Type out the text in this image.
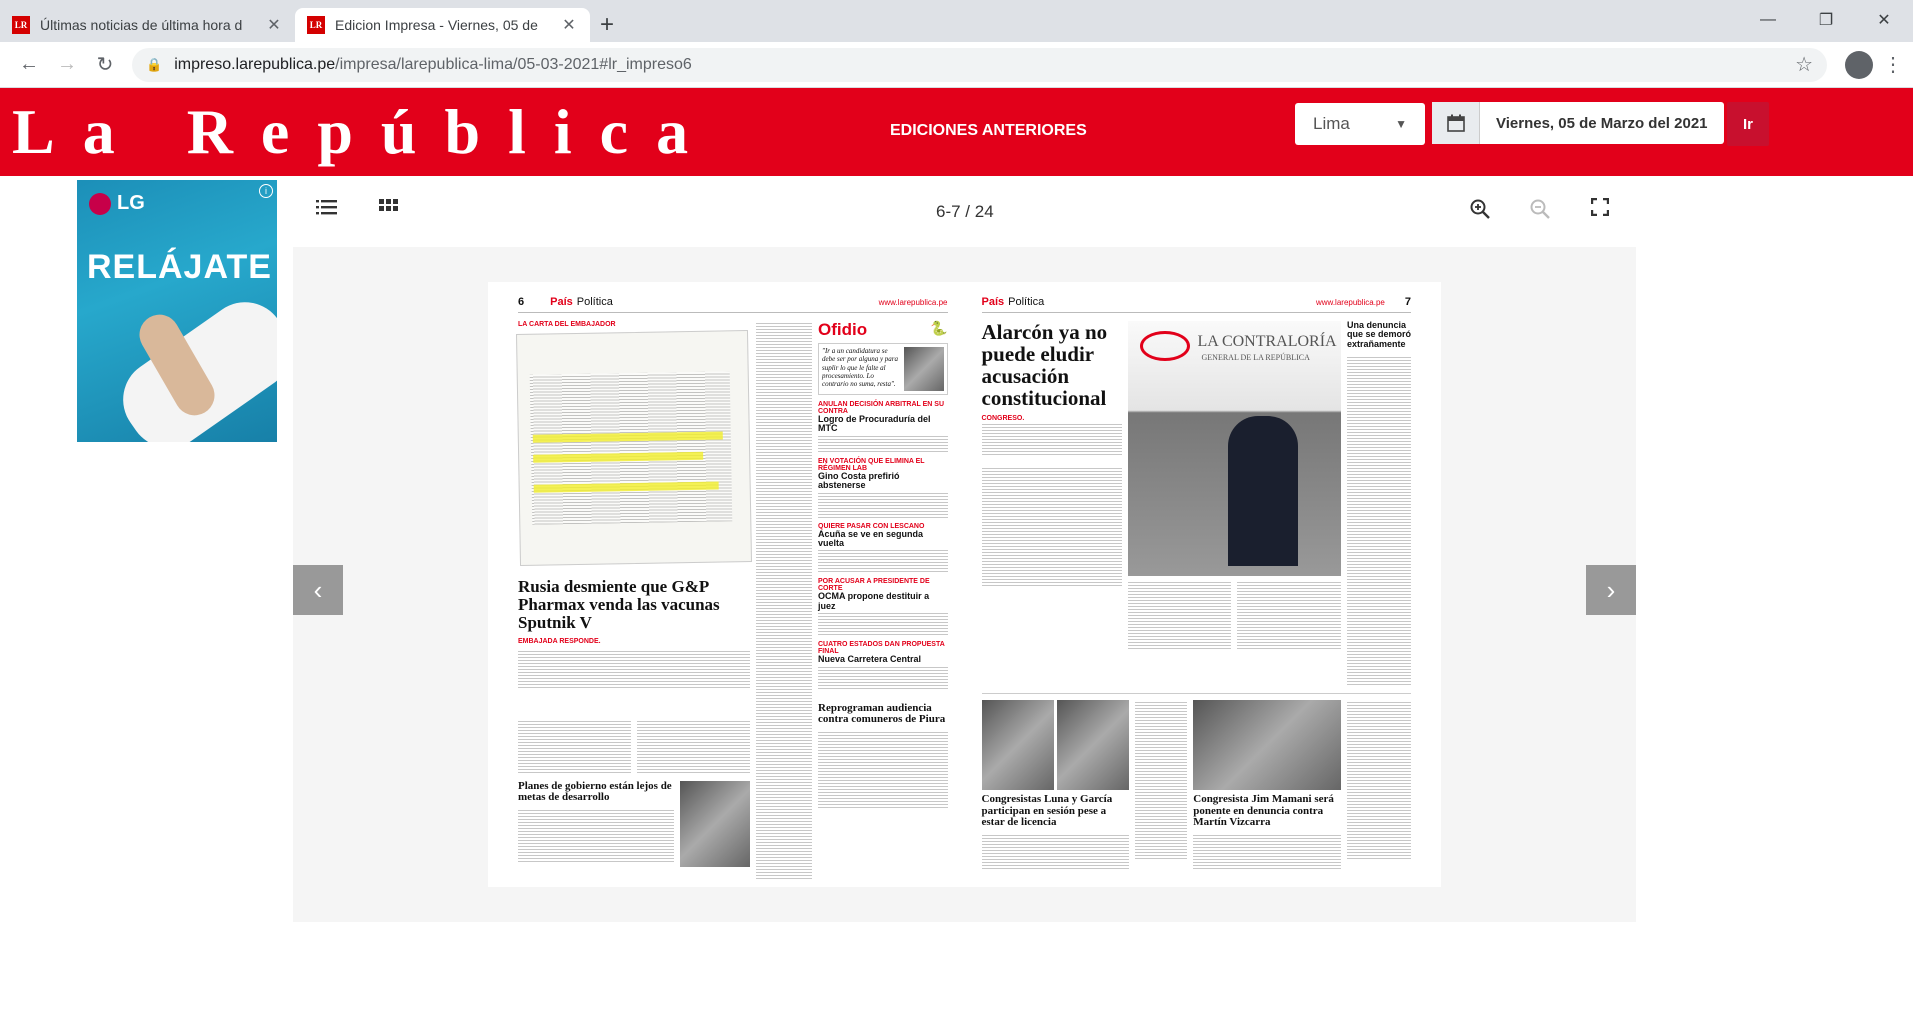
LR Últimas noticias de última hora d	✕	LR Edicion Impresa - Viernes, 05 de	✕	+	—	❐	✕
← → ↻	🔒 impreso.larepublica.pe /impresa/larepublica-lima/05-03-2021#lr_impreso6	☆	⋮
La República	EDICIONES ANTERIORES	Lima	▼	Viernes, 05 de Marzo del 2021	Ir
LG
RELÁJATE
i
6-7 / 24
‹	›
6 País Política	www.larepublica.pe
LA CARTA DEL EMBAJADOR
Rusia desmiente que G&P Pharmax venda las vacunas Sputnik V
EMBAJADA RESPONDE.
Planes de gobierno están lejos de metas de desarrollo
Ofidio	🐍
"Ir a un candidatura se debe ser por alguna y para suplir lo que le falte al procesamiento. Lo contrario no suma, resta".
ANULAN DECISIÓN ARBITRAL EN SU CONTRA
Logro de Procuraduría del MTC
EN VOTACIÓN QUE ELIMINA EL RÉGIMEN LAB
Gino Costa prefirió abstenerse
QUIERE PASAR CON LESCANO
Acuña se ve en segunda vuelta
POR ACUSAR A PRESIDENTE DE CORTE
OCMA propone destituir a juez
CUATRO ESTADOS DAN PROPUESTA FINAL
Nueva Carretera Central
Reprograman audiencia contra comuneros de Piura
País Política	www.larepublica.pe 7
Alarcón ya no puede eludir acusación constitucional
CONGRESO.
LA CONTRALORÍA
GENERAL DE LA REPÚBLICA
Una denuncia que se demoró extrañamente
Congresistas Luna y García participan en sesión pese a estar de licencia
Congresista Jim Mamani será ponente en denuncia contra Martín Vizcarra
